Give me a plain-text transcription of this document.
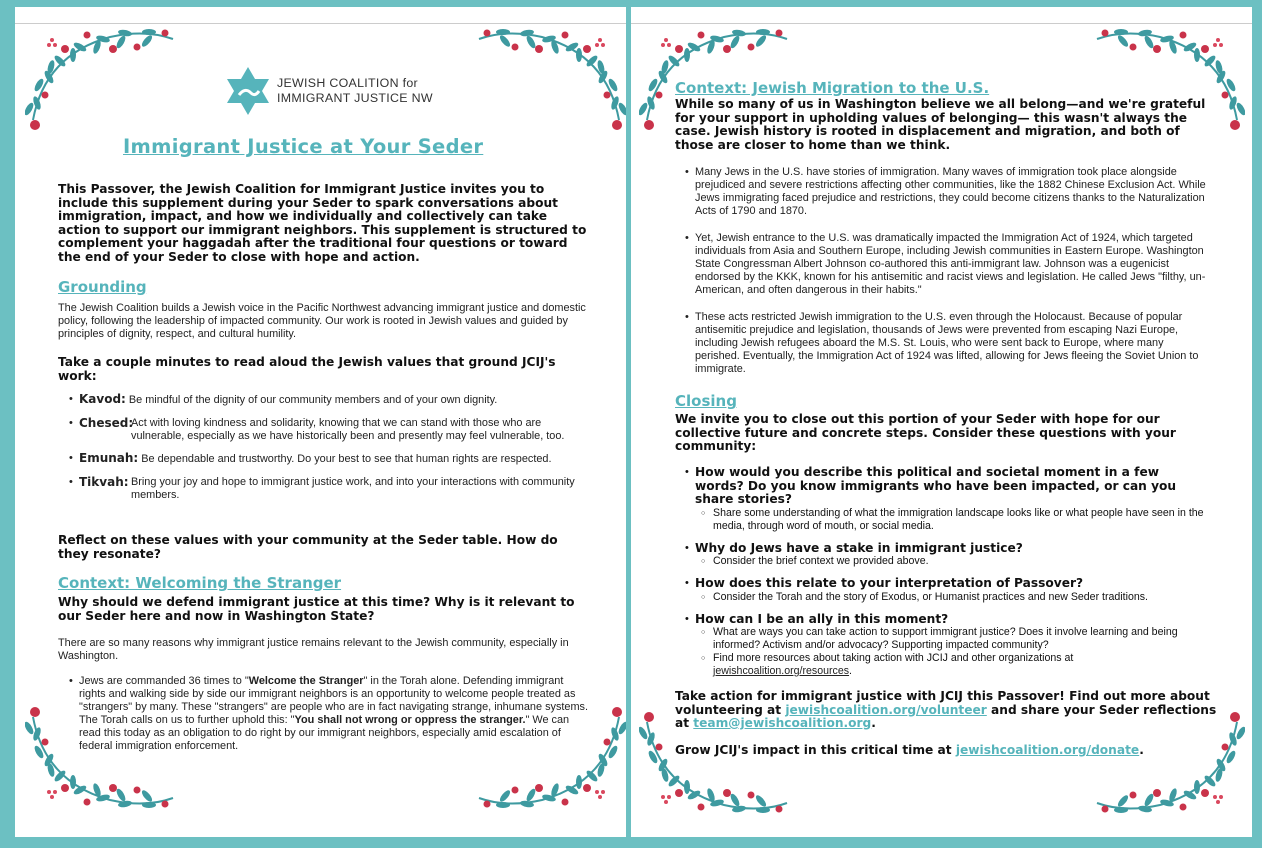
JEWISH COALITION for
IMMIGRANT JUSTICE NW
Immigrant Justice at Your Seder
This Passover, the Jewish Coalition for Immigrant Justice invites you to include this supplement during your Seder to spark conversations about immigration, impact, and how we individually and collectively can take action to support our immigrant neighbors. This supplement is structured to complement your haggadah after the traditional four questions or toward the end of your Seder to close with hope and action.
Grounding
The Jewish Coalition builds a Jewish voice in the Pacific Northwest advancing immigrant justice and domestic policy, following the leadership of impacted community. Our work is rooted in Jewish values and guided by principles of dignity, respect, and cultural humility.
Take a couple minutes to read aloud the Jewish values that ground JCIJ's work:
• Kavod: Be mindful of the dignity of our community members and of your own dignity.
• Chesed:
Act with loving kindness and solidarity, knowing that we can stand with those who are vulnerable, especially as we have historically been and presently may feel vulnerable, too.
• Emunah: Be dependable and trustworthy. Do your best to see that human rights are respected.
• Tikvah: Bring your joy and hope to immigrant justice work, and into your interactions with community members.
Reflect on these values with your community at the Seder table. How do they resonate?
Context: Welcoming the Stranger
Why should we defend immigrant justice at this time? Why is it relevant to our Seder here and now in Washington State?
There are so many reasons why immigrant justice remains relevant to the Jewish community, especially in Washington.
• Jews are commanded 36 times to "Welcome the Stranger" in the Torah alone. Defending immigrant rights and walking side by side our immigrant neighbors is an opportunity to welcome people treated as "strangers" by many. These "strangers" are people who are in fact navigating strange, inhumane systems. The Torah calls on us to further uphold this: "You shall not wrong or oppress the stranger." We can read this today as an obligation to do right by our immigrant neighbors, especially amid escalation of federal immigration enforcement.
Context: Jewish Migration to the U.S.
While so many of us in Washington believe we all belong—and we're grateful for your support in upholding values of belonging— this wasn't always the case. Jewish history is rooted in displacement and migration, and both of those are closer to home than we think.
• Many Jews in the U.S. have stories of immigration. Many waves of immigration took place alongside prejudiced and severe restrictions affecting other communities, like the 1882 Chinese Exclusion Act. While Jews immigrating faced prejudice and restrictions, they could become citizens thanks to the Naturalization Acts of 1790 and 1870.
• Yet, Jewish entrance to the U.S. was dramatically impacted the Immigration Act of 1924, which targeted individuals from Asia and Southern Europe, including Jewish communities in Eastern Europe. Washington State Congressman Albert Johnson co-authored this anti-immigrant law. Johnson was a eugenicist endorsed by the KKK, known for his antisemitic and racist views and legislation. He called Jews "filthy, un-American, and often dangerous in their habits."
• These acts restricted Jewish immigration to the U.S. even through the Holocaust. Because of popular antisemitic prejudice and legislation, thousands of Jews were prevented from escaping Nazi Europe, including Jewish refugees aboard the M.S. St. Louis, who were sent back to Europe, where many perished. Eventually, the Immigration Act of 1924 was lifted, allowing for Jews fleeing the Soviet Union to immigrate.
Closing
We invite you to close out this portion of your Seder with hope for our collective future and concrete steps. Consider these questions with your community:
• How would you describe this political and societal moment in a few words? Do you know immigrants who have been impacted, or can you share stories?
○ Share some understanding of what the immigration landscape looks like or what people have seen in the media, through word of mouth, or social media.
• Why do Jews have a stake in immigrant justice?
○ Consider the brief context we provided above.
• How does this relate to your interpretation of Passover?
○ Consider the Torah and the story of Exodus, or Humanist practices and new Seder traditions.
• How can I be an ally in this moment?
○ What are ways you can take action to support immigrant justice? Does it involve learning and being informed? Activism and/or advocacy? Supporting impacted community?
○ Find more resources about taking action with JCIJ and other organizations at jewishcoalition.org/resources.
Take action for immigrant justice with JCIJ this Passover! Find out more about volunteering at jewishcoalition.org/volunteer and share your Seder reflections at team@jewishcoalition.org.
Grow JCIJ's impact in this critical time at jewishcoalition.org/donate.
